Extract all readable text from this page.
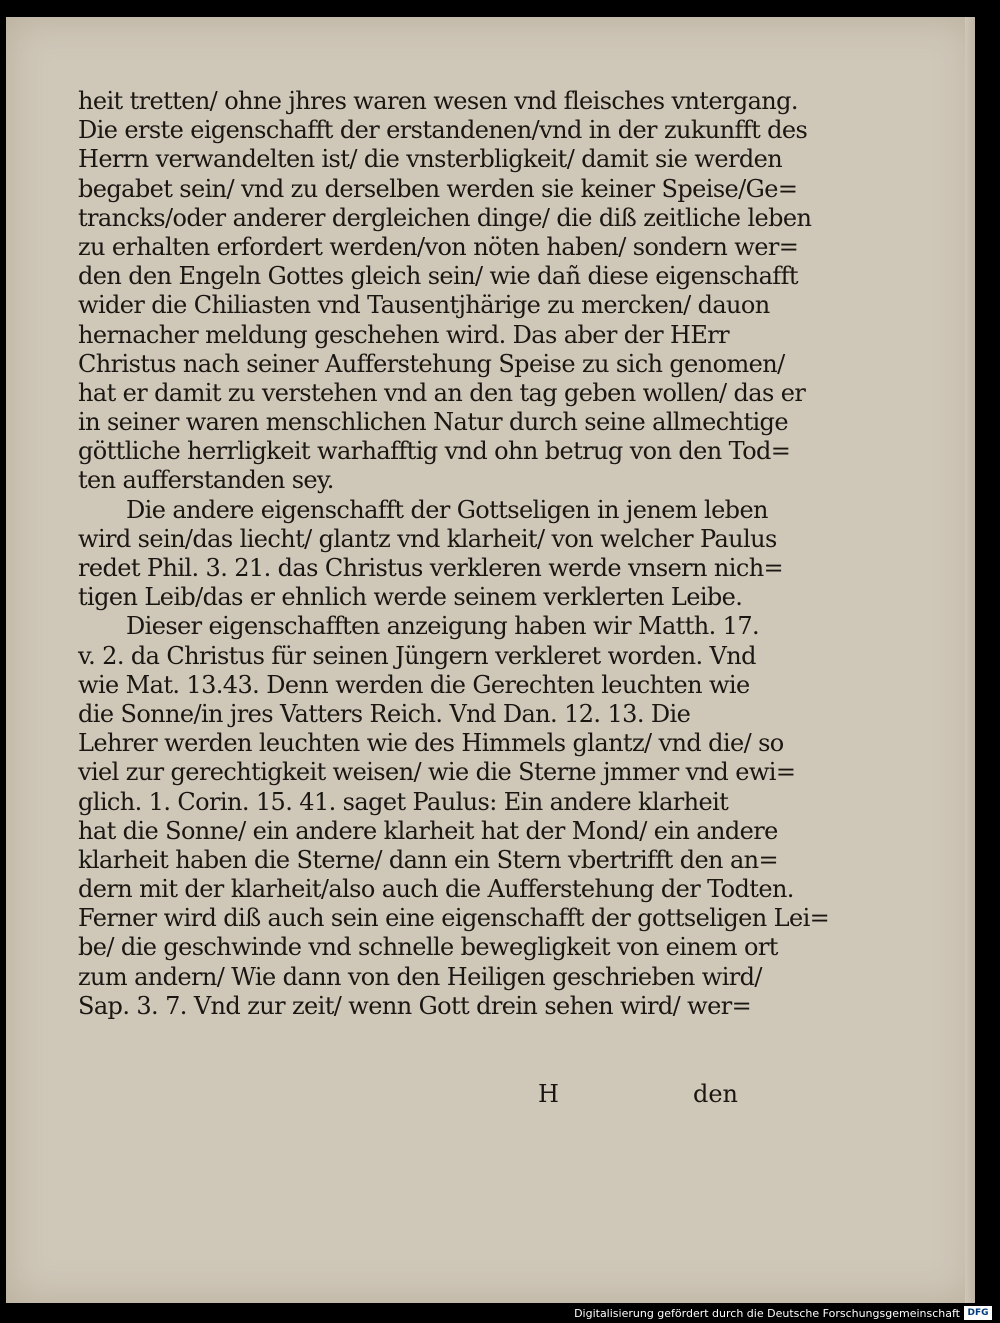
heit tretten/ ohne jhres waren wesen vnd fleisches vntergang.
Die erste eigenschafft der erstandenen/vnd in der zukunfft des
Herrn verwandelten ist/ die vnsterbligkeit/ damit sie werden
begabet sein/ vnd zu derselben werden sie keiner Speise/Ge=
trancks/oder anderer dergleichen dinge/ die diß zeitliche leben
zu erhalten erfordert werden/von nöten haben/ sondern wer=
den den Engeln Gottes gleich sein/ wie dañ diese eigenschafft
wider die Chiliasten vnd Tausentjhärige zu mercken/ dauon
hernacher meldung geschehen wird. Das aber der HErr
Christus nach seiner Aufferstehung Speise zu sich genomen/
hat er damit zu verstehen vnd an den tag geben wollen/ das er
in seiner waren menschlichen Natur durch seine allmechtige
göttliche herrligkeit warhafftig vnd ohn betrug von den Tod=
ten aufferstanden sey.
Die andere eigenschafft der Gottseligen in jenem leben
wird sein/das liecht/ glantz vnd klarheit/ von welcher Paulus
redet Phil. 3. 21. das Christus verkleren werde vnsern nich=
tigen Leib/das er ehnlich werde seinem verklerten Leibe.
Dieser eigenschafften anzeigung haben wir Matth. 17.
v. 2. da Christus für seinen Jüngern verkleret worden. Vnd
wie Mat. 13.43. Denn werden die Gerechten leuchten wie
die Sonne/in jres Vatters Reich. Vnd Dan. 12. 13. Die
Lehrer werden leuchten wie des Himmels glantz/ vnd die/ so
viel zur gerechtigkeit weisen/ wie die Sterne jmmer vnd ewi=
glich. 1. Corin. 15. 41. saget Paulus: Ein andere klarheit
hat die Sonne/ ein andere klarheit hat der Mond/ ein andere
klarheit haben die Sterne/ dann ein Stern vbertrifft den an=
dern mit der klarheit/also auch die Aufferstehung der Todten.
Ferner wird diß auch sein eine eigenschafft der gottseligen Lei=
be/ die geschwinde vnd schnelle bewegligkeit von einem ort
zum andern/ Wie dann von den Heiligen geschrieben wird/
Sap. 3. 7. Vnd zur zeit/ wenn Gott drein sehen wird/ wer=
H	den
Digitalisierung gefördert durch die Deutsche Forschungsgemeinschaft DFG
